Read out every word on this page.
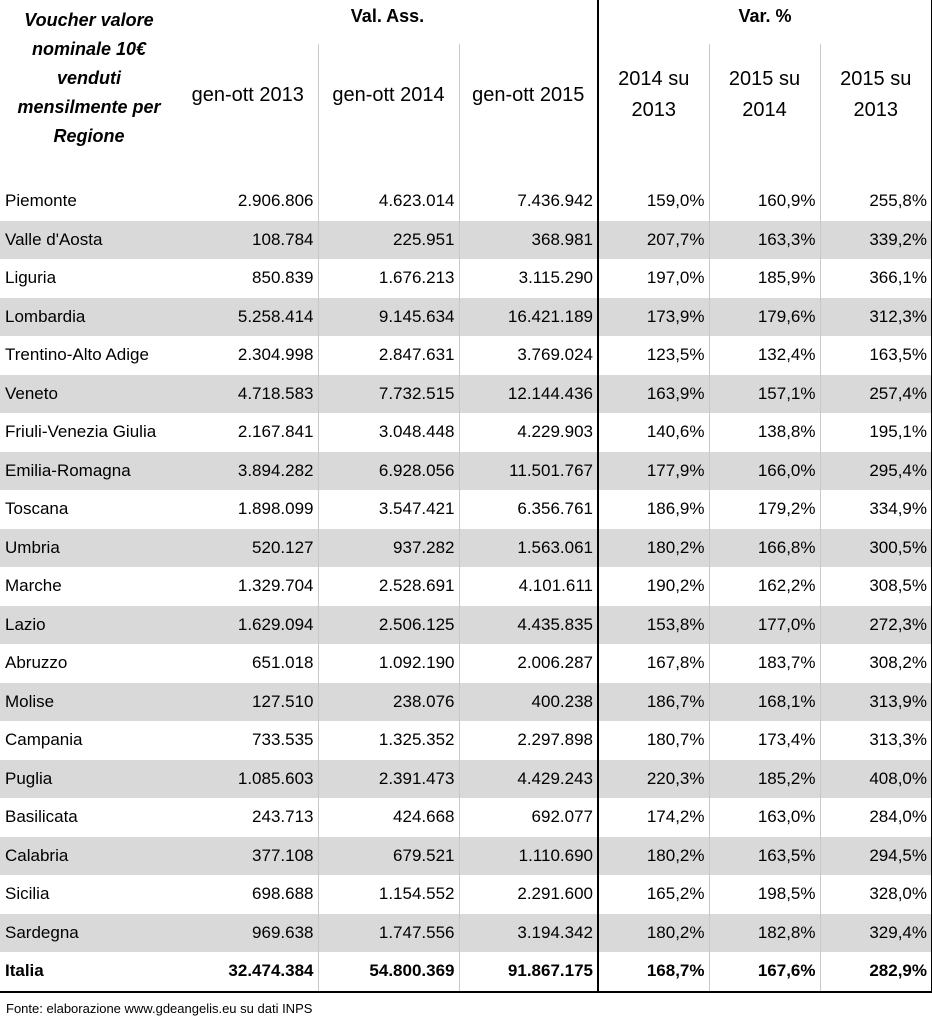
Voucher valore nominale 10€ venduti mensilmente per Regione	Val. Ass.			Var. %		

	gen-ott 2013	gen-ott 2014	gen-ott 2015	2014 su 2013	2015 su 2014	2015 su 2013

Piemonte	2.906.806	4.623.014	7.436.942	159,0%	160,9%	255,8%
Valle d'Aosta	108.784	225.951	368.981	207,7%	163,3%	339,2%
Liguria	850.839	1.676.213	3.115.290	197,0%	185,9%	366,1%
Lombardia	5.258.414	9.145.634	16.421.189	173,9%	179,6%	312,3%
Trentino-Alto Adige	2.304.998	2.847.631	3.769.024	123,5%	132,4%	163,5%
Veneto	4.718.583	7.732.515	12.144.436	163,9%	157,1%	257,4%
Friuli-Venezia Giulia	2.167.841	3.048.448	4.229.903	140,6%	138,8%	195,1%
Emilia-Romagna	3.894.282	6.928.056	11.501.767	177,9%	166,0%	295,4%
Toscana	1.898.099	3.547.421	6.356.761	186,9%	179,2%	334,9%
Umbria	520.127	937.282	1.563.061	180,2%	166,8%	300,5%
Marche	1.329.704	2.528.691	4.101.611	190,2%	162,2%	308,5%
Lazio	1.629.094	2.506.125	4.435.835	153,8%	177,0%	272,3%
Abruzzo	651.018	1.092.190	2.006.287	167,8%	183,7%	308,2%
Molise	127.510	238.076	400.238	186,7%	168,1%	313,9%
Campania	733.535	1.325.352	2.297.898	180,7%	173,4%	313,3%
Puglia	1.085.603	2.391.473	4.429.243	220,3%	185,2%	408,0%
Basilicata	243.713	424.668	692.077	174,2%	163,0%	284,0%
Calabria	377.108	679.521	1.110.690	180,2%	163,5%	294,5%
Sicilia	698.688	1.154.552	2.291.600	165,2%	198,5%	328,0%
Sardegna	969.638	1.747.556	3.194.342	180,2%	182,8%	329,4%
Italia	32.474.384	54.800.369	91.867.175	168,7%	167,6%	282,9%
Fonte: elaborazione www.gdeangelis.eu su dati INPS
